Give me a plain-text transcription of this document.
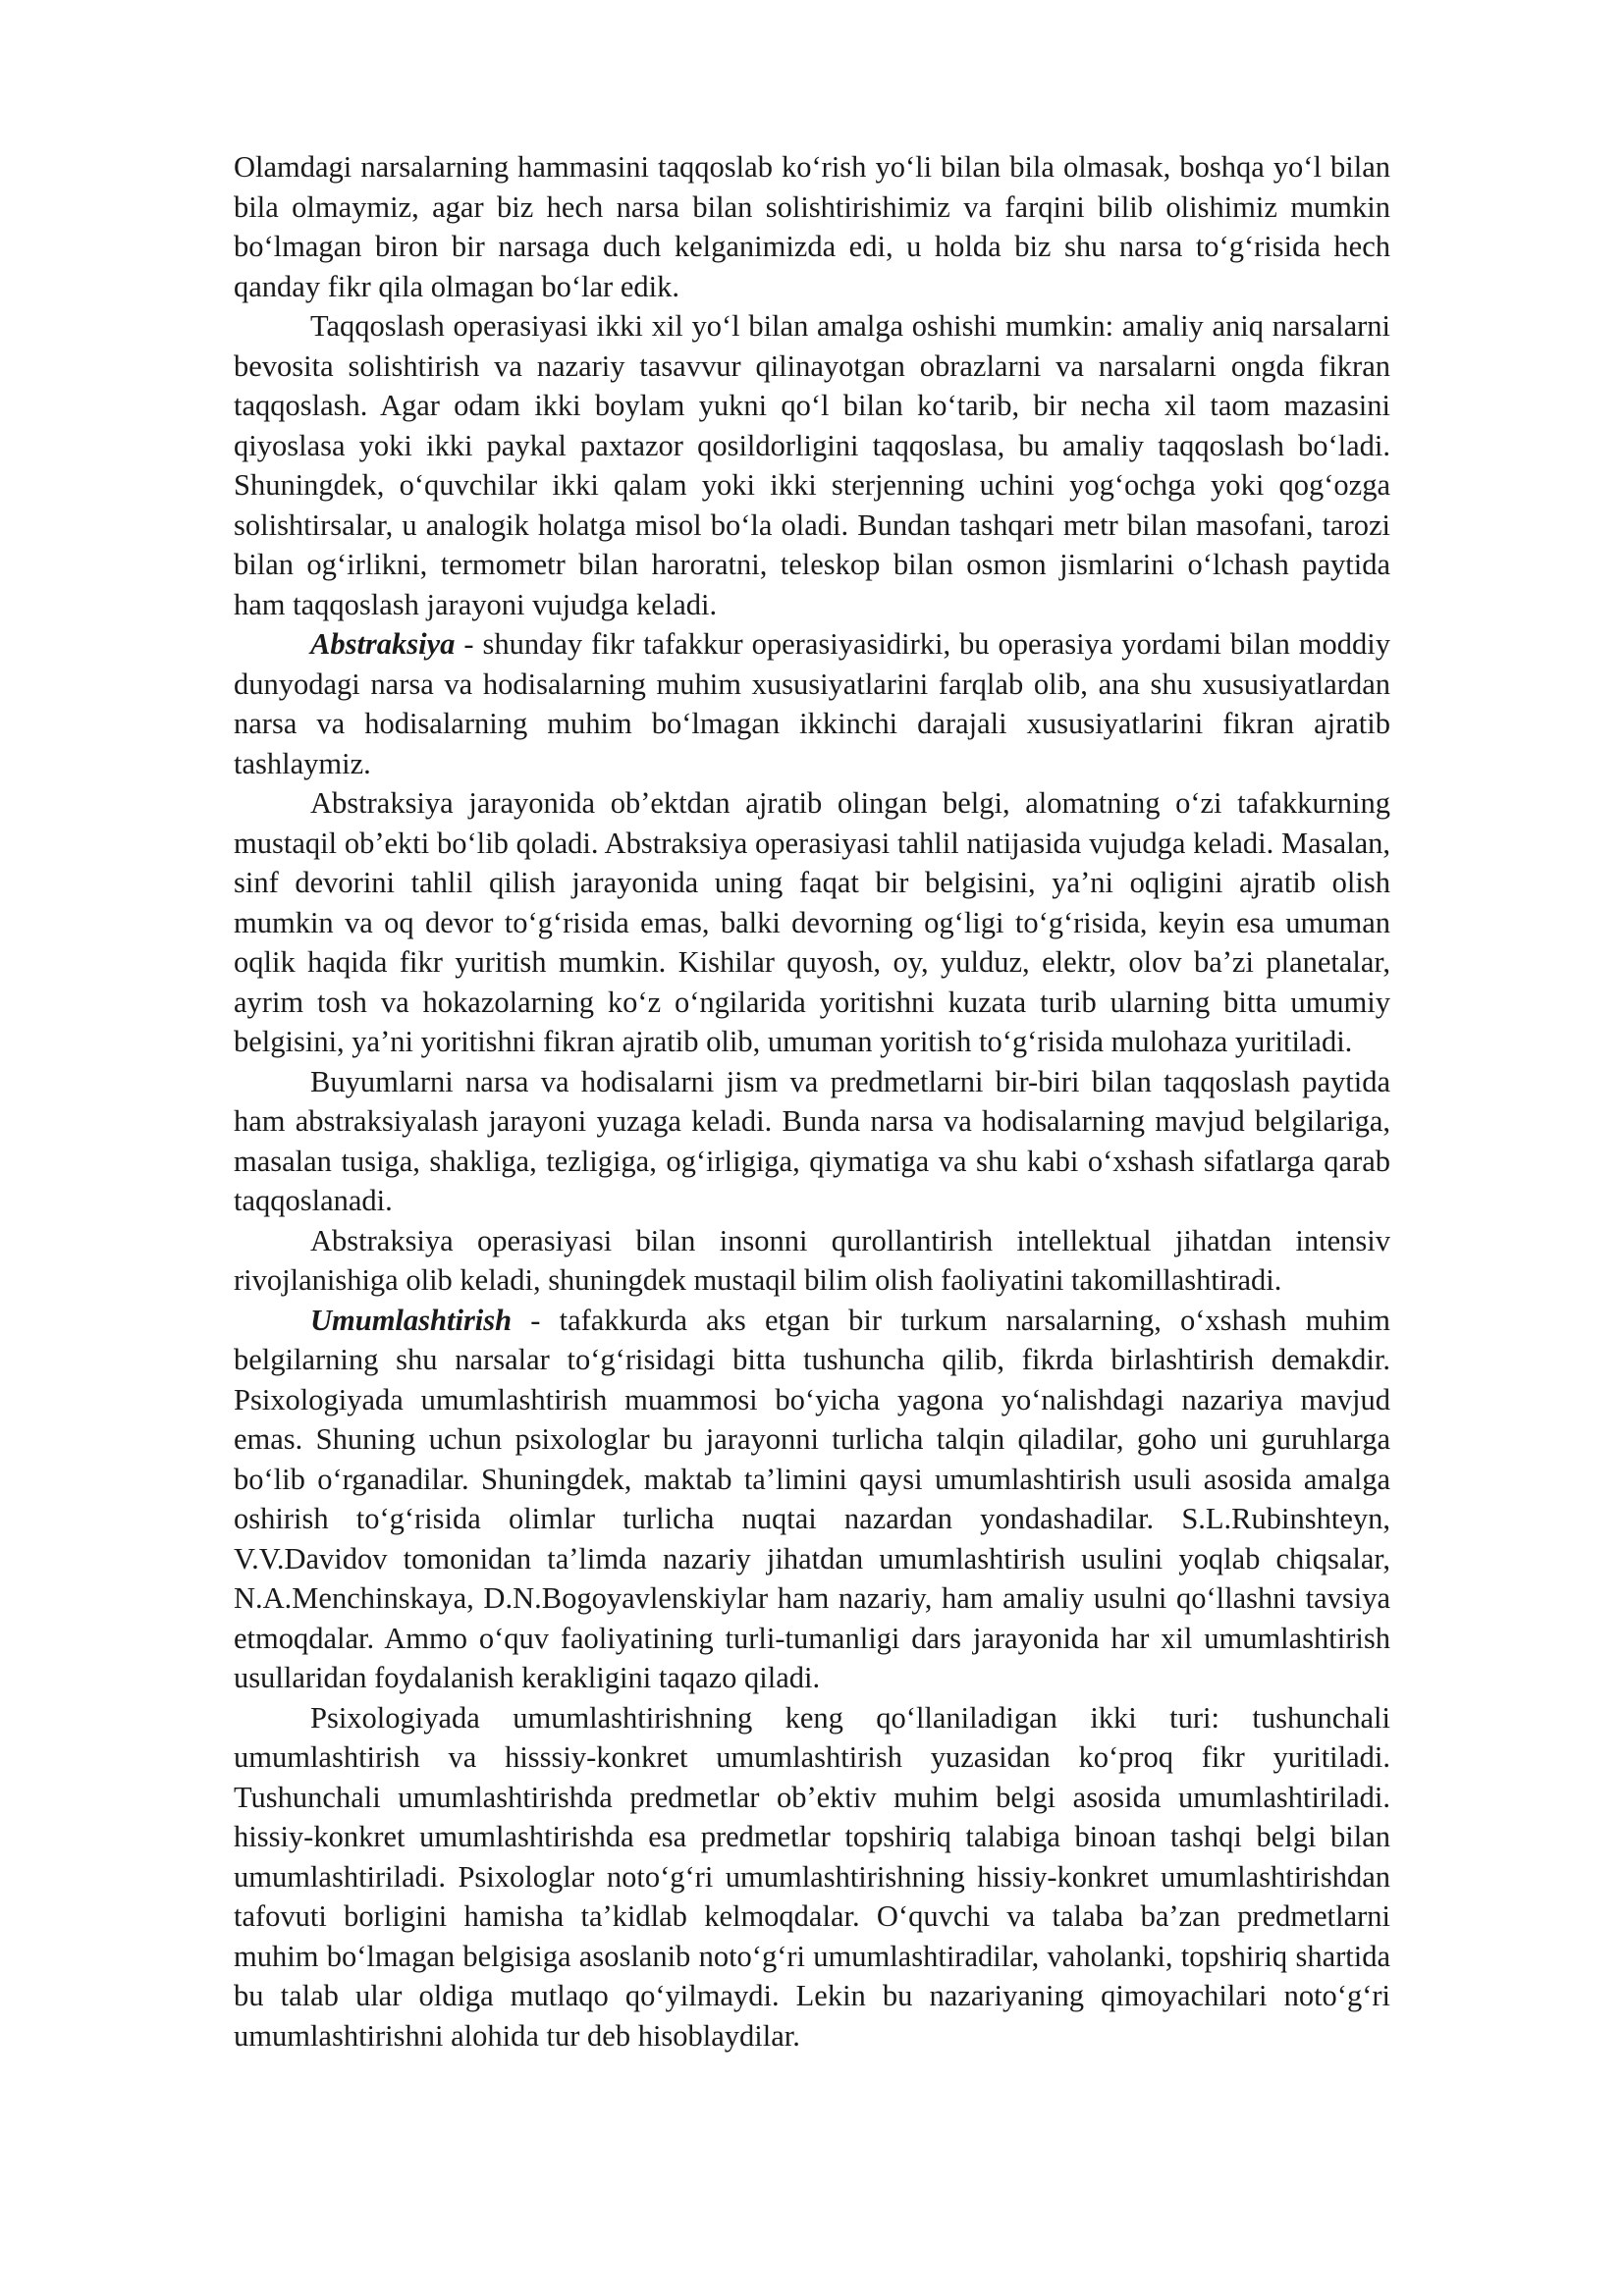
Olamdagi narsalarning hammasini taqqoslab koʻrish yoʻli bilan bila olmasak, boshqa yoʻl bilan bila olmaymiz, agar biz hech narsa bilan solishtirishimiz va farqini bilib olishimiz mumkin boʻlmagan biron bir narsaga duch kelganimizda edi, u holda biz shu narsa toʻgʻrisida hech qanday fikr qila olmagan boʻlar edik.

Taqqoslash operasiyasi ikki xil yoʻl bilan amalga oshishi mumkin: amaliy aniq narsalarni bevosita solishtirish va nazariy tasavvur qilinayotgan obrazlarni va narsalarni ongda fikran taqqoslash. Agar odam ikki boylam yukni qoʻl bilan koʻtarib, bir necha xil taom mazasini qiyoslasa yoki ikki paykal paxtazor qosildorligini taqqoslasa, bu amaliy taqqoslash boʻladi. Shuningdek, oʻquvchilar ikki qalam yoki ikki sterjenning uchini yogʻochga yoki qogʻozga solishtirsalar, u analogik holatga misol boʻla oladi. Bundan tashqari metr bilan masofani, tarozi bilan ogʻirlikni, termometr bilan haroratni, teleskop bilan osmon jismlarini oʻlchash paytida ham taqqoslash jarayoni vujudga keladi.

Abstraksiya - shunday fikr tafakkur operasiyasidirki, bu operasiya yordami bilan moddiy dunyodagi narsa va hodisalarning muhim xususiyatlarini farqlab olib, ana shu xususiyatlardan narsa va hodisalarning muhim boʻlmagan ikkinchi darajali xususiyatlarini fikran ajratib tashlaymiz.

Abstraksiya jarayonida obʼektdan ajratib olingan belgi, alomatning oʻzi tafakkurning mustaqil obʼekti boʻlib qoladi. Abstraksiya operasiyasi tahlil natijasida vujudga keladi. Masalan, sinf devorini tahlil qilish jarayonida uning faqat bir belgisini, yaʼni oqligini ajratib olish mumkin va oq devor toʻgʻrisida emas, balki devorning ogʻligi toʻgʻrisida, keyin esa umuman oqlik haqida fikr yuritish mumkin. Kishilar quyosh, oy, yulduz, elektr, olov baʼzi planetalar, ayrim tosh va hokazolarning koʻz oʻngilarida yoritishni kuzata turib ularning bitta umumiy belgisini, yaʼni yoritishni fikran ajratib olib, umuman yoritish toʻgʻrisida mulohaza yuritiladi.

Buyumlarni narsa va hodisalarni jism va predmetlarni bir-biri bilan taqqoslash paytida ham abstraksiyalash jarayoni yuzaga keladi. Bunda narsa va hodisalarning mavjud belgilariga, masalan tusiga, shakliga, tezligiga, ogʻirligiga, qiymatiga va shu kabi oʻxshash sifatlarga qarab taqqoslanadi.

Abstraksiya operasiyasi bilan insonni qurollantirish intellektual jihatdan intensiv rivojlanishiga olib keladi, shuningdek mustaqil bilim olish faoliyatini takomillashtiradi.

Umumlashtirish - tafakkurda aks etgan bir turkum narsalarning, oʻxshash muhim belgilarning shu narsalar toʻgʻrisidagi bitta tushuncha qilib, fikrda birlashtirish demakdir. Psixologiyada umumlashtirish muammosi boʻyicha yagona yoʻnalishdagi nazariya mavjud emas. Shuning uchun psixologlar bu jarayonni turlicha talqin qiladilar, goho uni guruhlarga boʻlib oʻrganadilar. Shuningdek, maktab taʼlimini qaysi umumlashtirish usuli asosida amalga oshirish toʻgʻrisida olimlar turlicha nuqtai nazardan yondashadilar. S.L.Rubinshteyn, V.V.Davidov tomonidan taʼlimda nazariy jihatdan umumlashtirish usulini yoqlab chiqsalar, N.A.Menchinskaya, D.N.Bogoyavlenskiylar ham nazariy, ham amaliy usulni qoʻllashni tavsiya etmoqdalar. Ammo oʻquv faoliyatining turli-tumanligi dars jarayonida har xil umumlashtirish usullaridan foydalanish kerakligini taqazo qiladi.

Psixologiyada umumlashtirishning keng qoʻllaniladigan ikki turi: tushunchali umumlashtirish va hisssiy-konkret umumlashtirish yuzasidan koʻproq fikr yuritiladi. Tushunchali umumlashtirishda predmetlar obʼektiv muhim belgi asosida umumlashtiriladi. hissiy-konkret umumlashtirishda esa predmetlar topshiriq talabiga binoan tashqi belgi bilan umumlashtiriladi. Psixologlar notoʻgʻri umumlashtirishning hissiy-konkret umumlashtirishdan tafovuti borligini hamisha taʼkidlab kelmoqdalar. Oʻquvchi va talaba baʼzan predmetlarni muhim boʻlmagan belgisiga asoslanib notoʻgʻri umumlashtiradilar, vaholanki, topshiriq shartida bu talab ular oldiga mutlaqo qoʻyilmaydi. Lekin bu nazariyaning qimoyachilari notoʻgʻri umumlashtirishni alohida tur deb hisoblaydilar.
